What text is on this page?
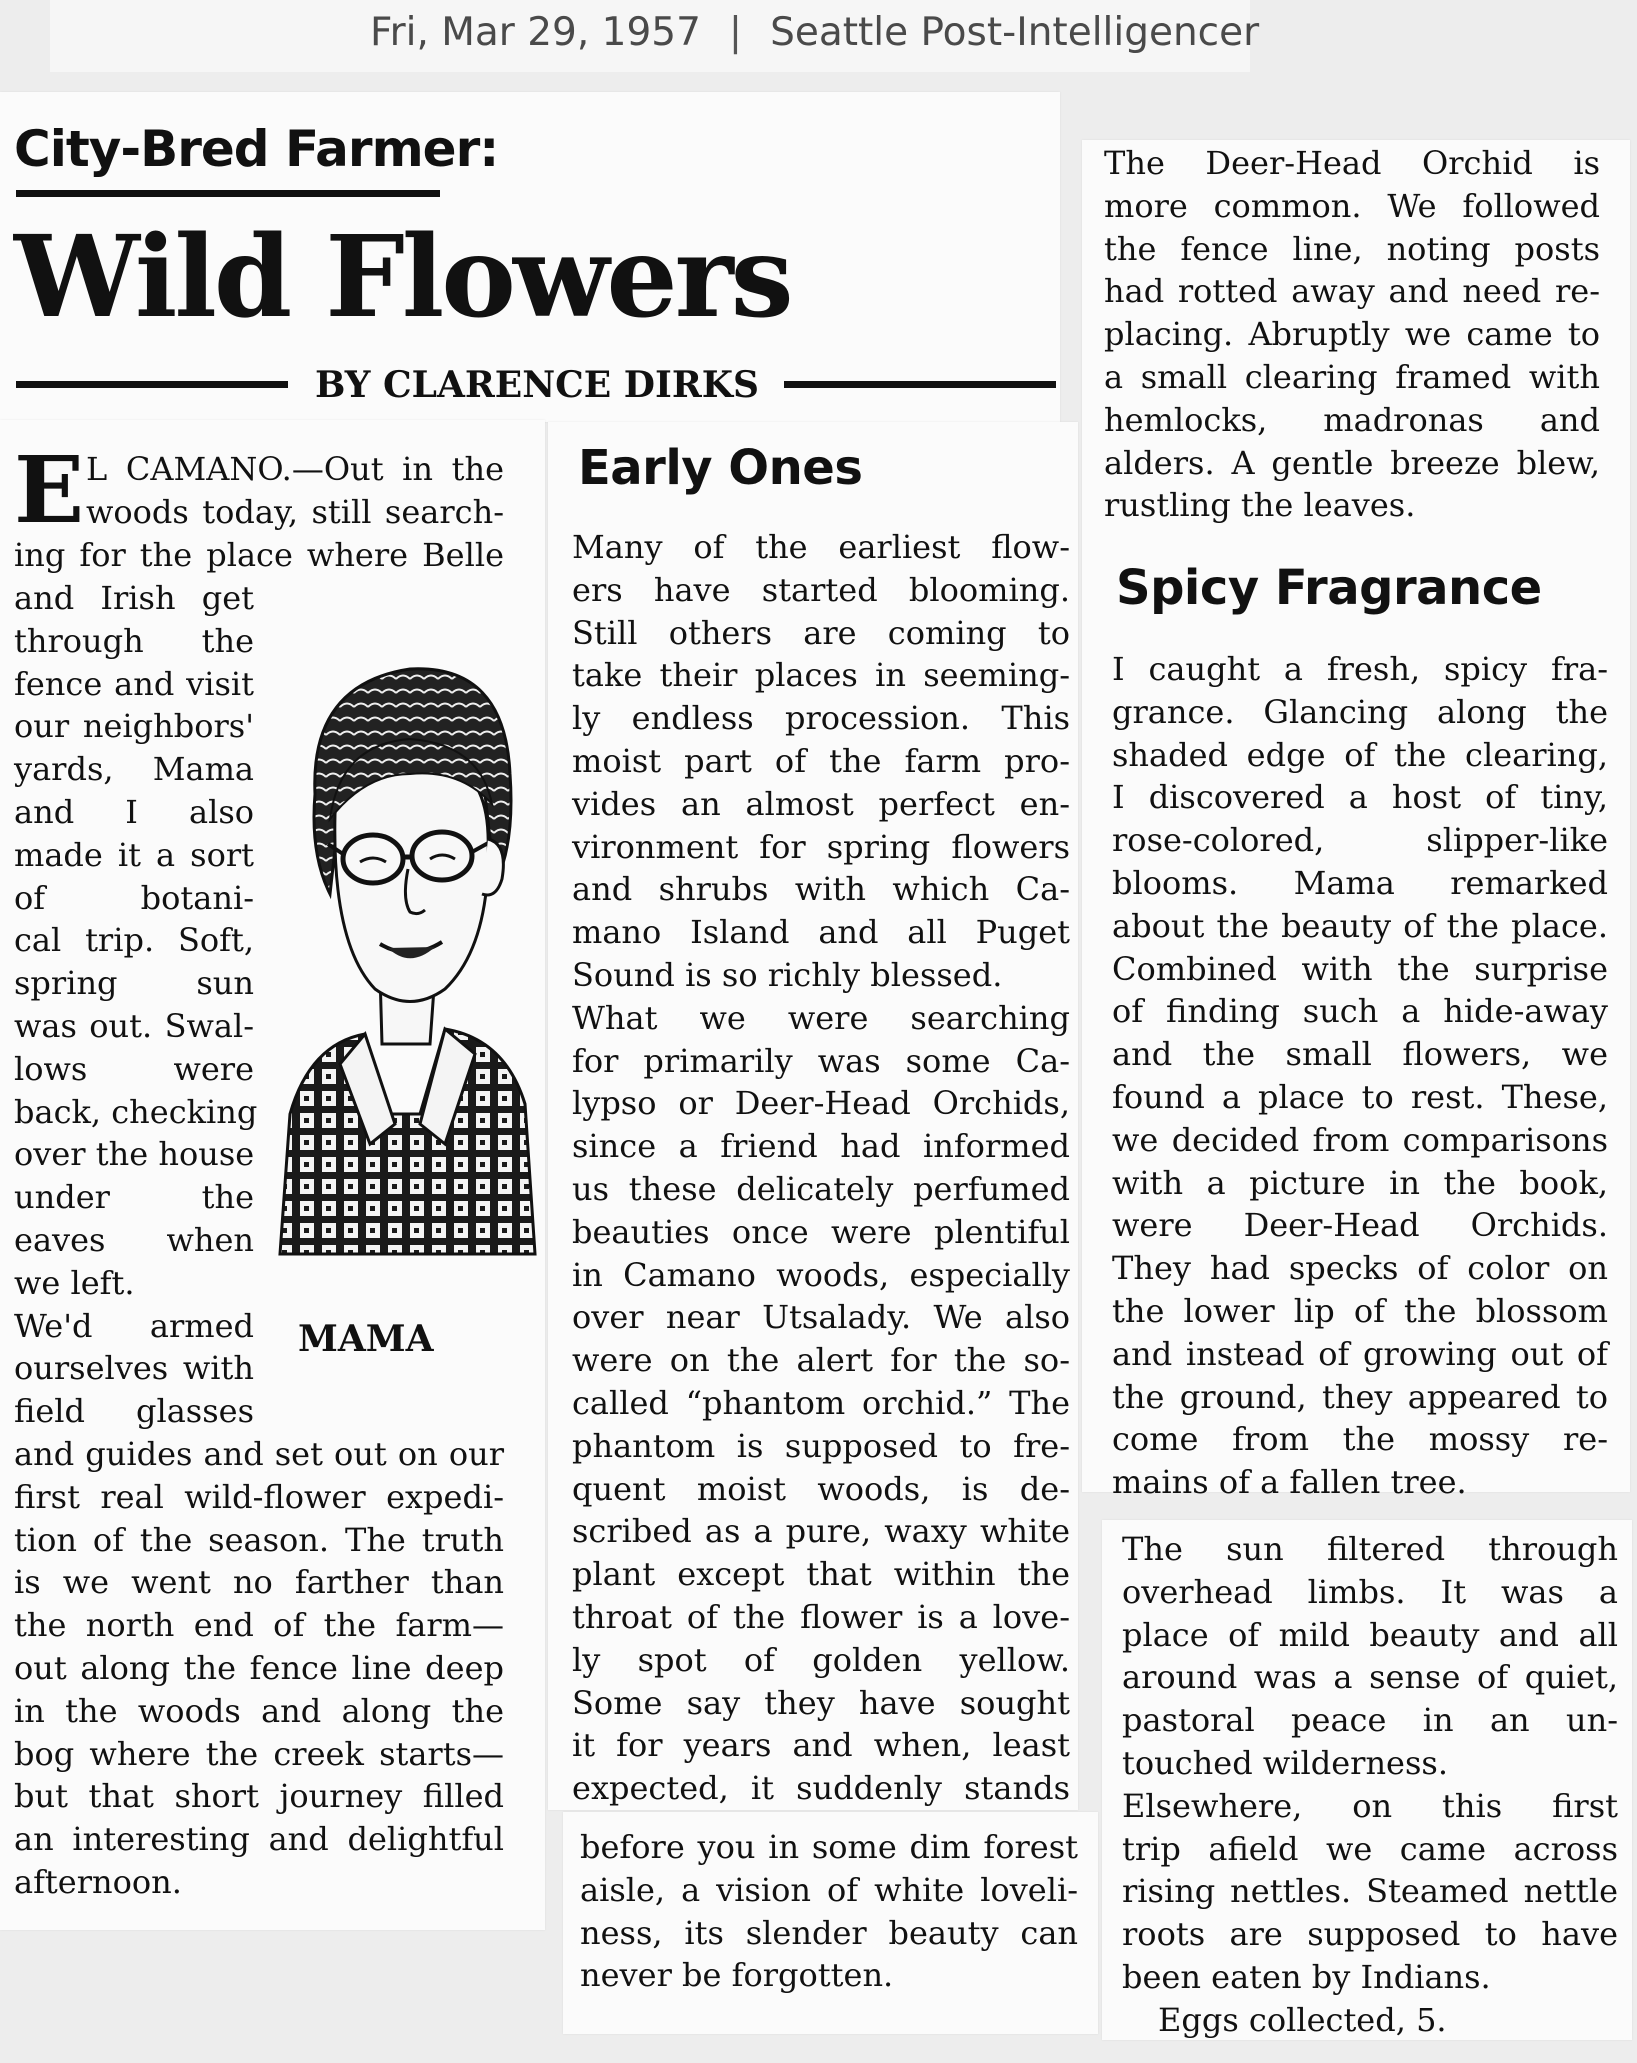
Fri, Mar 29, 1957 | Seattle Post-Intelligencer
City-Bred Farmer:
Wild Flowers
BY CLARENCE DIRKS
E L CAMANO.—Out in the
woods today, still search-
ing for the place where Belle
and Irish get
through the
fence and visit
our neighbors'
yards, Mama
and I also
made it a sort
of botani-
cal trip. Soft,
spring sun
was out. Swal-
lows were
back, checking
over the house
under the
eaves when
we left.
We'd armed
ourselves with
field glasses
MAMA
and guides and set out on our
first real wild-flower expedi-
tion of the season. The truth
is we went no farther than
the north end of the farm—
out along the fence line deep
in the woods and along the
bog where the creek starts—
but that short journey filled
an interesting and delightful
afternoon.
Early Ones
Many of the earliest flow-
ers have started blooming.
Still others are coming to
take their places in seeming-
ly endless procession. This
moist part of the farm pro-
vides an almost perfect en-
vironment for spring flowers
and shrubs with which Ca-
mano Island and all Puget
Sound is so richly blessed.
What we were searching
for primarily was some Ca-
lypso or Deer-Head Orchids,
since a friend had informed
us these delicately perfumed
beauties once were plentiful
in Camano woods, especially
over near Utsalady. We also
were on the alert for the so-
called “phantom orchid.” The
phantom is supposed to fre-
quent moist woods, is de-
scribed as a pure, waxy white
plant except that within the
throat of the flower is a love-
ly spot of golden yellow.
Some say they have sought
it for years and when, least
expected, it suddenly stands
before you in some dim forest
aisle, a vision of white loveli-
ness, its slender beauty can
never be forgotten.
The Deer-Head Orchid is
more common. We followed
the fence line, noting posts
had rotted away and need re-
placing. Abruptly we came to
a small clearing framed with
hemlocks, madronas and
alders. A gentle breeze blew,
rustling the leaves.
Spicy Fragrance
I caught a fresh, spicy fra-
grance. Glancing along the
shaded edge of the clearing,
I discovered a host of tiny,
rose-colored, slipper-like
blooms. Mama remarked
about the beauty of the place.
Combined with the surprise
of finding such a hide-away
and the small flowers, we
found a place to rest. These,
we decided from comparisons
with a picture in the book,
were Deer-Head Orchids.
They had specks of color on
the lower lip of the blossom
and instead of growing out of
the ground, they appeared to
come from the mossy re-
mains of a fallen tree.
The sun filtered through
overhead limbs. It was a
place of mild beauty and all
around was a sense of quiet,
pastoral peace in an un-
touched wilderness.
Elsewhere, on this first
trip afield we came across
rising nettles. Steamed nettle
roots are supposed to have
been eaten by Indians.
Eggs collected, 5.
